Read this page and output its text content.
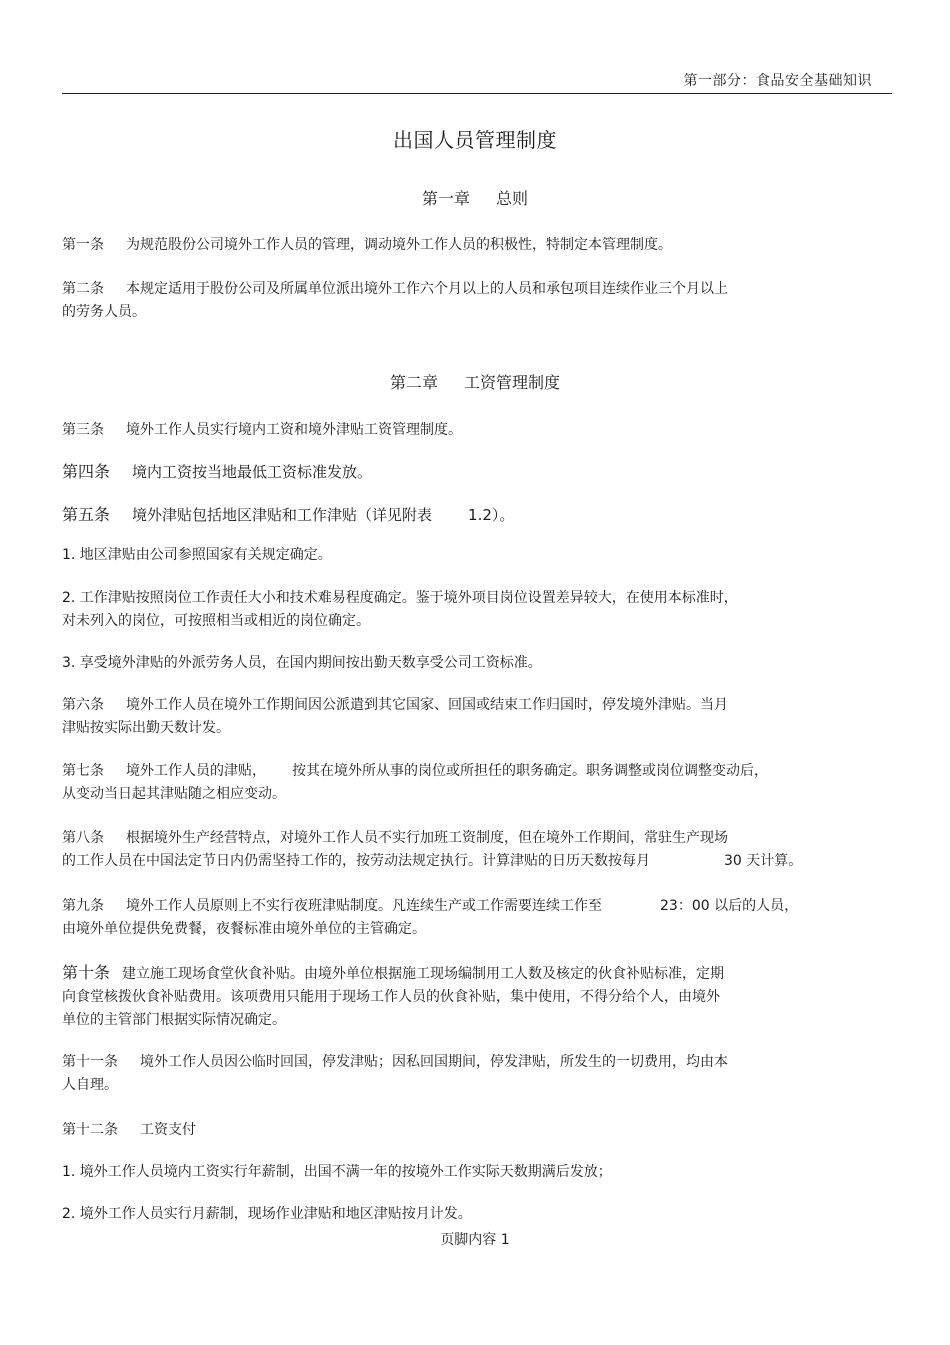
第一部分：食品安全基础知识
出国人员管理制度
第一章 总则
第一条 为规范股份公司境外工作人员的管理，调动境外工作人员的积极性，特制定本管理制度。
第二条 本规定适用于股份公司及所属单位派出境外工作六个月以上的人员和承包项目连续作业三个月以上
的劳务人员。
第二章 工资管理制度
第三条 境外工作人员实行境内工资和境外津贴工资管理制度。
第四条 境内工资按当地最低工资标准发放。
第五条 境外津贴包括地区津贴和工作津贴（详见附表 1.2）。
1. 地区津贴由公司参照国家有关规定确定。
2. 工作津贴按照岗位工作责任大小和技术难易程度确定。鉴于境外项目岗位设置差异较大，在使用本标准时，
对未列入的岗位，可按照相当或相近的岗位确定。
3. 享受境外津贴的外派劳务人员，在国内期间按出勤天数享受公司工资标准。
第六条 境外工作人员在境外工作期间因公派遣到其它国家、回国或结束工作归国时，停发境外津贴。当月
津贴按实际出勤天数计发。
第七条 境外工作人员的津贴， 按其在境外所从事的岗位或所担任的职务确定。职务调整或岗位调整变动后，
从变动当日起其津贴随之相应变动。
第八条 根据境外生产经营特点，对境外工作人员不实行加班工资制度，但在境外工作期间，常驻生产现场
的工作人员在中国法定节日内仍需坚持工作的，按劳动法规定执行。计算津贴的日历天数按每月	30 天计算。
第九条 境外工作人员原则上不实行夜班津贴制度。凡连续生产或工作需要连续工作至	23：00 以后的人员，
由境外单位提供免费餐，夜餐标准由境外单位的主管确定。
第十条 建立施工现场食堂伙食补贴。由境外单位根据施工现场编制用工人数及核定的伙食补贴标准，定期
向食堂核拨伙食补贴费用。该项费用只能用于现场工作人员的伙食补贴，集中使用，不得分给个人，由境外
单位的主管部门根据实际情况确定。
第十一条 境外工作人员因公临时回国，停发津贴；因私回国期间，停发津贴，所发生的一切费用，均由本
人自理。
第十二条 工资支付
1. 境外工作人员境内工资实行年薪制，出国不满一年的按境外工作实际天数期满后发放；
2. 境外工作人员实行月薪制，现场作业津贴和地区津贴按月计发。
页脚内容 1
